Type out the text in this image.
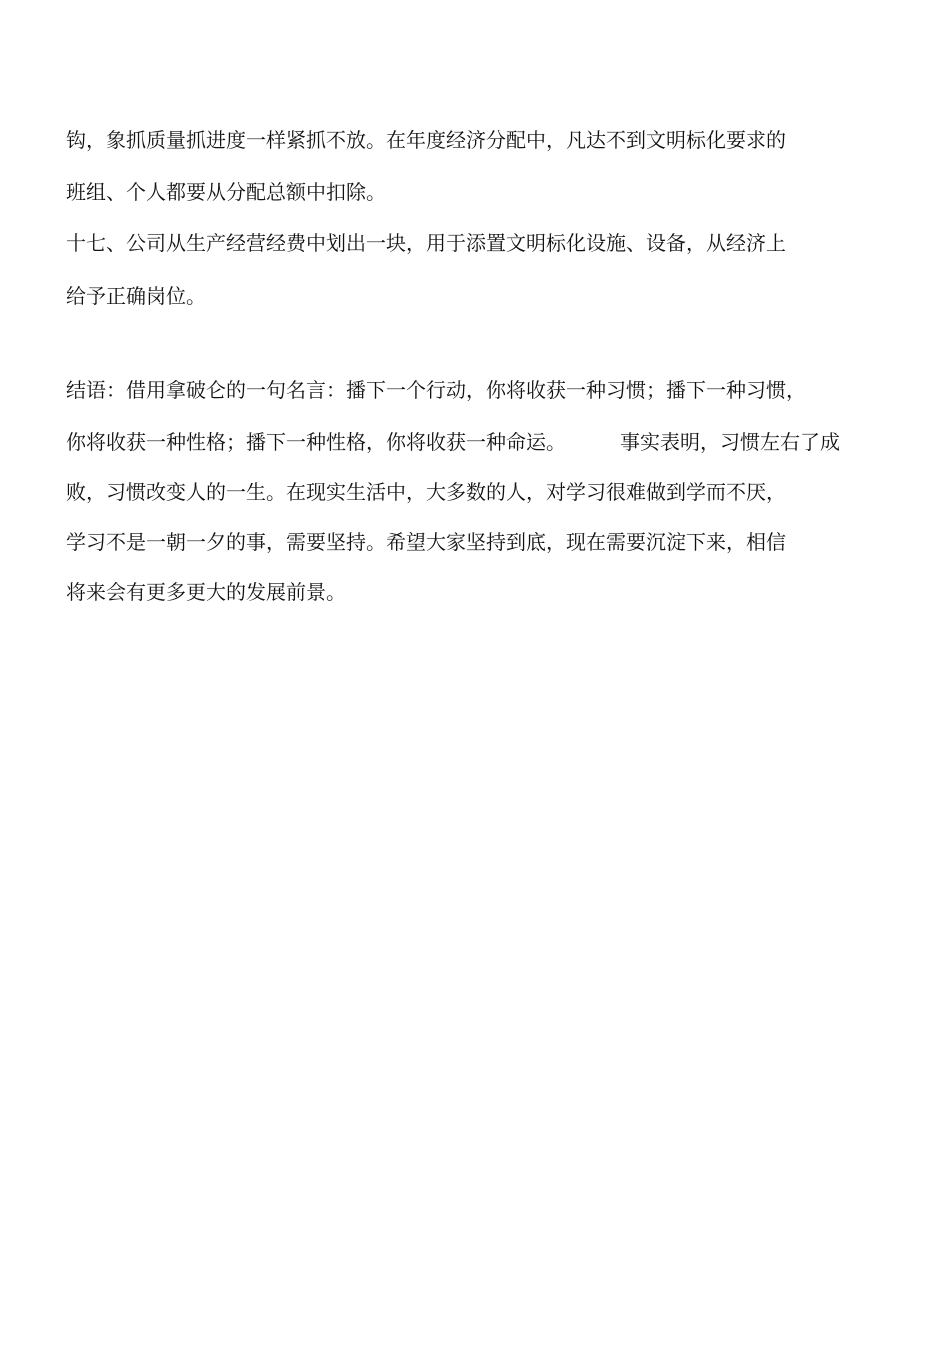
钩，象抓质量抓进度一样紧抓不放。在年度经济分配中，凡达不到文明标化要求的
班组、个人都要从分配总额中扣除。
十七、公司从生产经营经费中划出一块，用于添置文明标化设施、设备，从经济上
给予正确岗位。
结语：借用拿破仑的一句名言：播下一个行动，你将收获一种习惯；播下一种习惯，
你将收获一种性格；播下一种性格，你将收获一种命运。	事实表明，习惯左右了成
败，习惯改变人的一生。在现实生活中，大多数的人，对学习很难做到学而不厌，
学习不是一朝一夕的事，需要坚持。希望大家坚持到底，现在需要沉淀下来，相信
将来会有更多更大的发展前景。
